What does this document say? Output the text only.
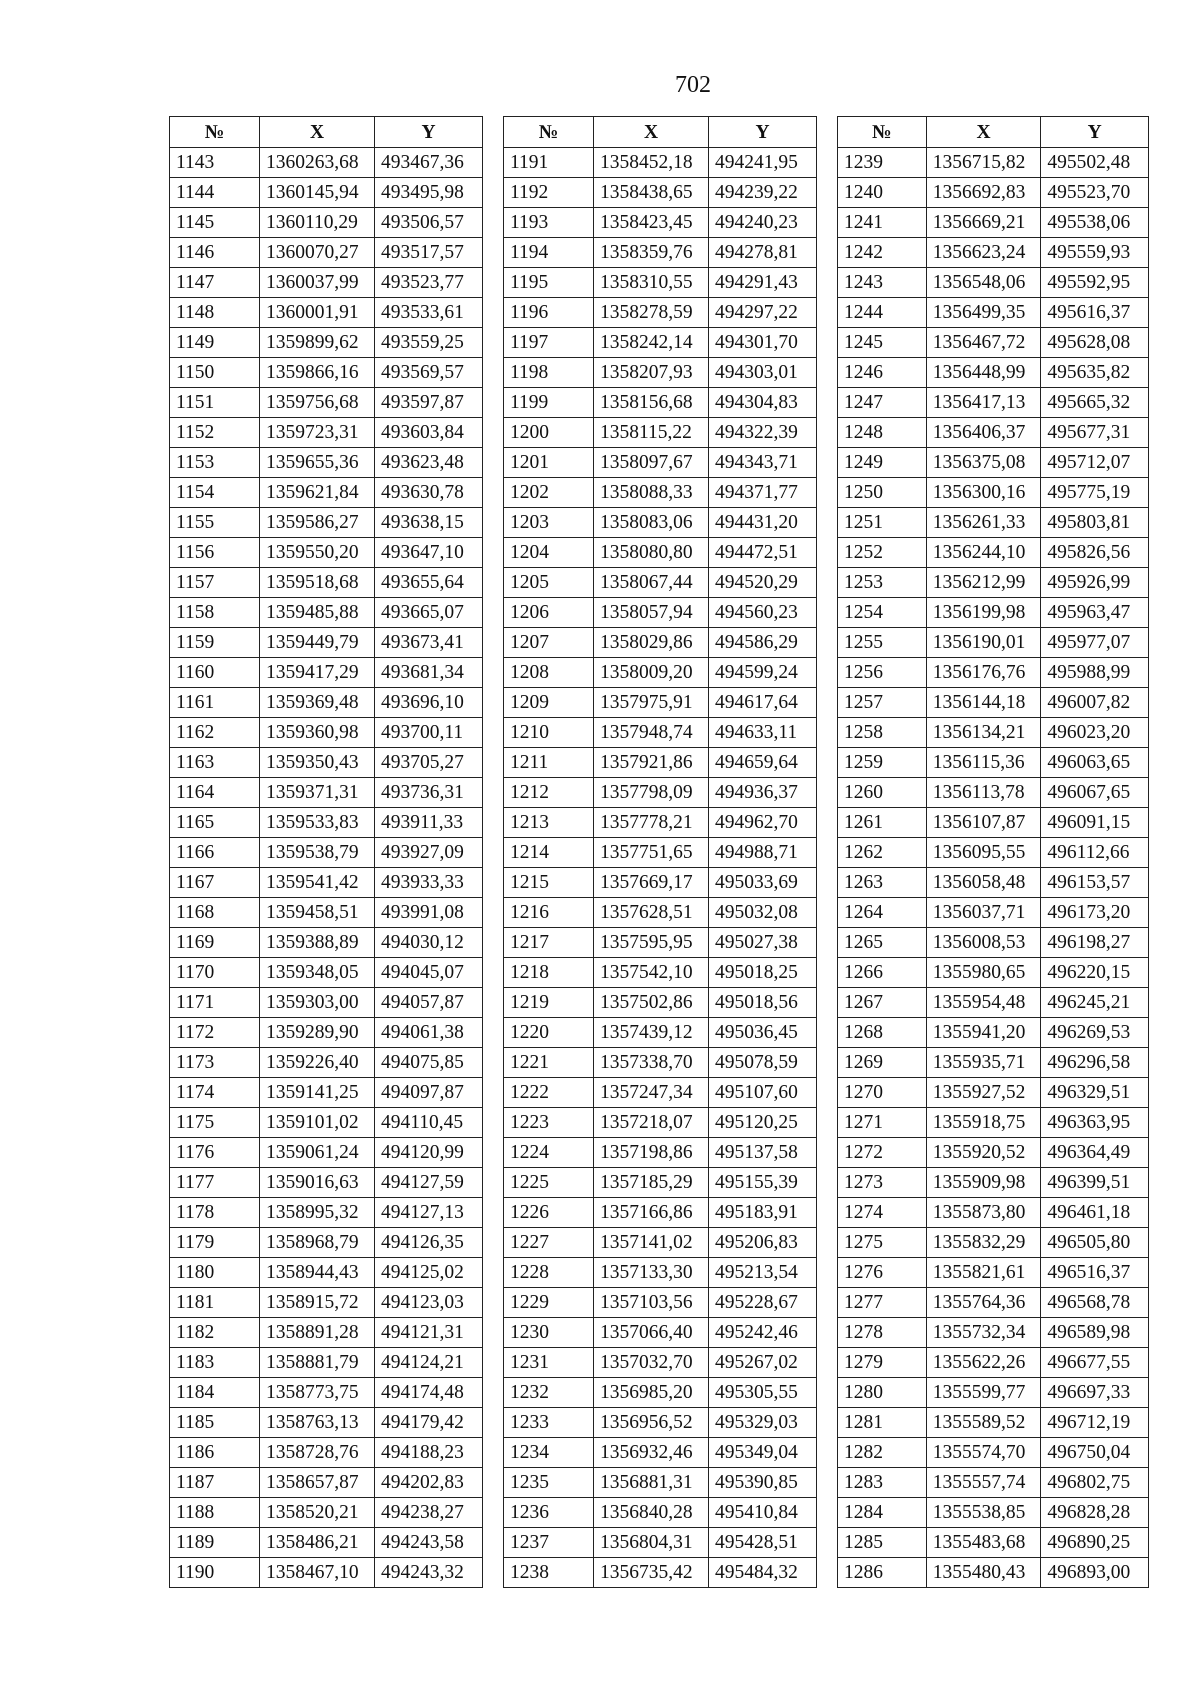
702
№	X	Y
1143	1360263,68	493467,36
1144	1360145,94	493495,98
1145	1360110,29	493506,57
1146	1360070,27	493517,57
1147	1360037,99	493523,77
1148	1360001,91	493533,61
1149	1359899,62	493559,25
1150	1359866,16	493569,57
1151	1359756,68	493597,87
1152	1359723,31	493603,84
1153	1359655,36	493623,48
1154	1359621,84	493630,78
1155	1359586,27	493638,15
1156	1359550,20	493647,10
1157	1359518,68	493655,64
1158	1359485,88	493665,07
1159	1359449,79	493673,41
1160	1359417,29	493681,34
1161	1359369,48	493696,10
1162	1359360,98	493700,11
1163	1359350,43	493705,27
1164	1359371,31	493736,31
1165	1359533,83	493911,33
1166	1359538,79	493927,09
1167	1359541,42	493933,33
1168	1359458,51	493991,08
1169	1359388,89	494030,12
1170	1359348,05	494045,07
1171	1359303,00	494057,87
1172	1359289,90	494061,38
1173	1359226,40	494075,85
1174	1359141,25	494097,87
1175	1359101,02	494110,45
1176	1359061,24	494120,99
1177	1359016,63	494127,59
1178	1358995,32	494127,13
1179	1358968,79	494126,35
1180	1358944,43	494125,02
1181	1358915,72	494123,03
1182	1358891,28	494121,31
1183	1358881,79	494124,21
1184	1358773,75	494174,48
1185	1358763,13	494179,42
1186	1358728,76	494188,23
1187	1358657,87	494202,83
1188	1358520,21	494238,27
1189	1358486,21	494243,58
1190	1358467,10	494243,32
№	X	Y
1191	1358452,18	494241,95
1192	1358438,65	494239,22
1193	1358423,45	494240,23
1194	1358359,76	494278,81
1195	1358310,55	494291,43
1196	1358278,59	494297,22
1197	1358242,14	494301,70
1198	1358207,93	494303,01
1199	1358156,68	494304,83
1200	1358115,22	494322,39
1201	1358097,67	494343,71
1202	1358088,33	494371,77
1203	1358083,06	494431,20
1204	1358080,80	494472,51
1205	1358067,44	494520,29
1206	1358057,94	494560,23
1207	1358029,86	494586,29
1208	1358009,20	494599,24
1209	1357975,91	494617,64
1210	1357948,74	494633,11
1211	1357921,86	494659,64
1212	1357798,09	494936,37
1213	1357778,21	494962,70
1214	1357751,65	494988,71
1215	1357669,17	495033,69
1216	1357628,51	495032,08
1217	1357595,95	495027,38
1218	1357542,10	495018,25
1219	1357502,86	495018,56
1220	1357439,12	495036,45
1221	1357338,70	495078,59
1222	1357247,34	495107,60
1223	1357218,07	495120,25
1224	1357198,86	495137,58
1225	1357185,29	495155,39
1226	1357166,86	495183,91
1227	1357141,02	495206,83
1228	1357133,30	495213,54
1229	1357103,56	495228,67
1230	1357066,40	495242,46
1231	1357032,70	495267,02
1232	1356985,20	495305,55
1233	1356956,52	495329,03
1234	1356932,46	495349,04
1235	1356881,31	495390,85
1236	1356840,28	495410,84
1237	1356804,31	495428,51
1238	1356735,42	495484,32
№	X	Y
1239	1356715,82	495502,48
1240	1356692,83	495523,70
1241	1356669,21	495538,06
1242	1356623,24	495559,93
1243	1356548,06	495592,95
1244	1356499,35	495616,37
1245	1356467,72	495628,08
1246	1356448,99	495635,82
1247	1356417,13	495665,32
1248	1356406,37	495677,31
1249	1356375,08	495712,07
1250	1356300,16	495775,19
1251	1356261,33	495803,81
1252	1356244,10	495826,56
1253	1356212,99	495926,99
1254	1356199,98	495963,47
1255	1356190,01	495977,07
1256	1356176,76	495988,99
1257	1356144,18	496007,82
1258	1356134,21	496023,20
1259	1356115,36	496063,65
1260	1356113,78	496067,65
1261	1356107,87	496091,15
1262	1356095,55	496112,66
1263	1356058,48	496153,57
1264	1356037,71	496173,20
1265	1356008,53	496198,27
1266	1355980,65	496220,15
1267	1355954,48	496245,21
1268	1355941,20	496269,53
1269	1355935,71	496296,58
1270	1355927,52	496329,51
1271	1355918,75	496363,95
1272	1355920,52	496364,49
1273	1355909,98	496399,51
1274	1355873,80	496461,18
1275	1355832,29	496505,80
1276	1355821,61	496516,37
1277	1355764,36	496568,78
1278	1355732,34	496589,98
1279	1355622,26	496677,55
1280	1355599,77	496697,33
1281	1355589,52	496712,19
1282	1355574,70	496750,04
1283	1355557,74	496802,75
1284	1355538,85	496828,28
1285	1355483,68	496890,25
1286	1355480,43	496893,00
